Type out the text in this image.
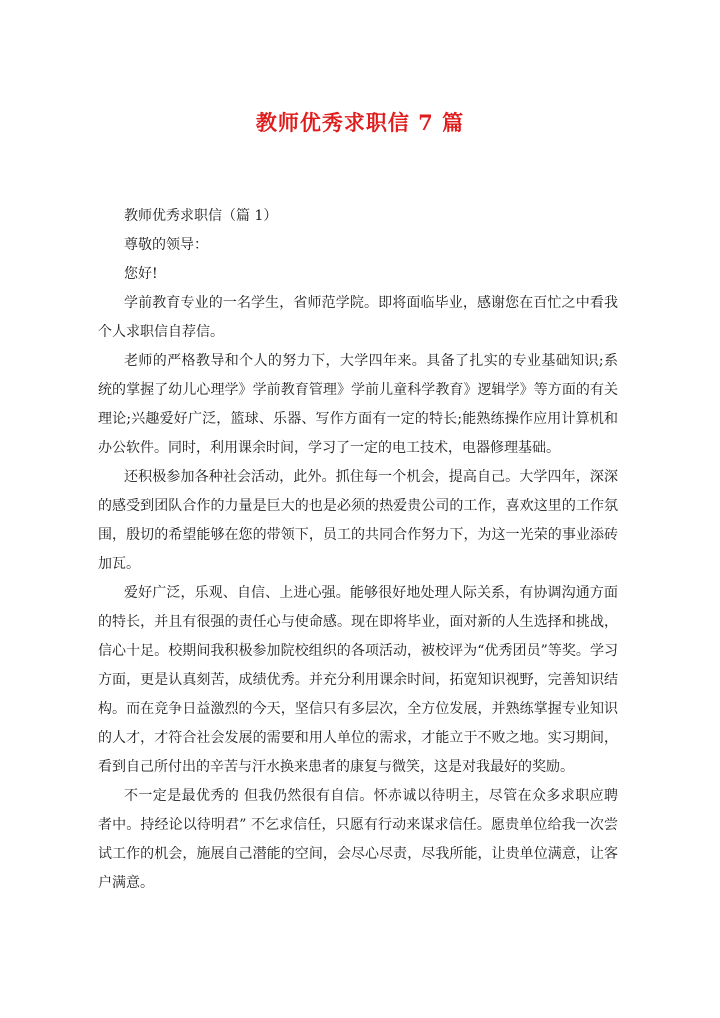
教师优秀求职信 7 篇

教师优秀求职信（篇 1）

尊敬的领导：

您好!

学前教育专业的一名学生，省师范学院。即将面临毕业，感谢您在百忙之中看我个人求职信自荐信。

老师的严格教导和个人的努力下，大学四年来。具备了扎实的专业基础知识;系统的掌握了幼儿心理学》学前教育管理》学前儿童科学教育》逻辑学》等方面的有关理论;兴趣爱好广泛，篮球、乐器、写作方面有一定的特长;能熟练操作应用计算机和办公软件。同时，利用课余时间，学习了一定的电工技术，电器修理基础。

还积极参加各种社会活动，此外。抓住每一个机会，提高自己。大学四年，深深的感受到团队合作的力量是巨大的也是必须的热爱贵公司的工作，喜欢这里的工作氛围，殷切的希望能够在您的带领下，员工的共同合作努力下，为这一光荣的事业添砖加瓦。

爱好广泛，乐观、自信、上进心强。能够很好地处理人际关系，有协调沟通方面的特长，并且有很强的责任心与使命感。现在即将毕业，面对新的人生选择和挑战，信心十足。校期间我积极参加院校组织的各项活动，被校评为“优秀团员”等奖。学习方面，更是认真刻苦，成绩优秀。并充分利用课余时间，拓宽知识视野，完善知识结构。而在竞争日益激烈的今天，坚信只有多层次，全方位发展，并熟练掌握专业知识的人才，才符合社会发展的需要和用人单位的需求，才能立于不败之地。实习期间，看到自己所付出的辛苦与汗水换来患者的康复与微笑，这是对我最好的奖励。

不一定是最优秀的 但我仍然很有自信。怀赤诚以待明主，尽管在众多求职应聘者中。持经论以待明君” 不乞求信任，只愿有行动来谋求信任。愿贵单位给我一次尝试工作的机会，施展自己潜能的空间，会尽心尽责，尽我所能，让贵单位满意，让客户满意。
